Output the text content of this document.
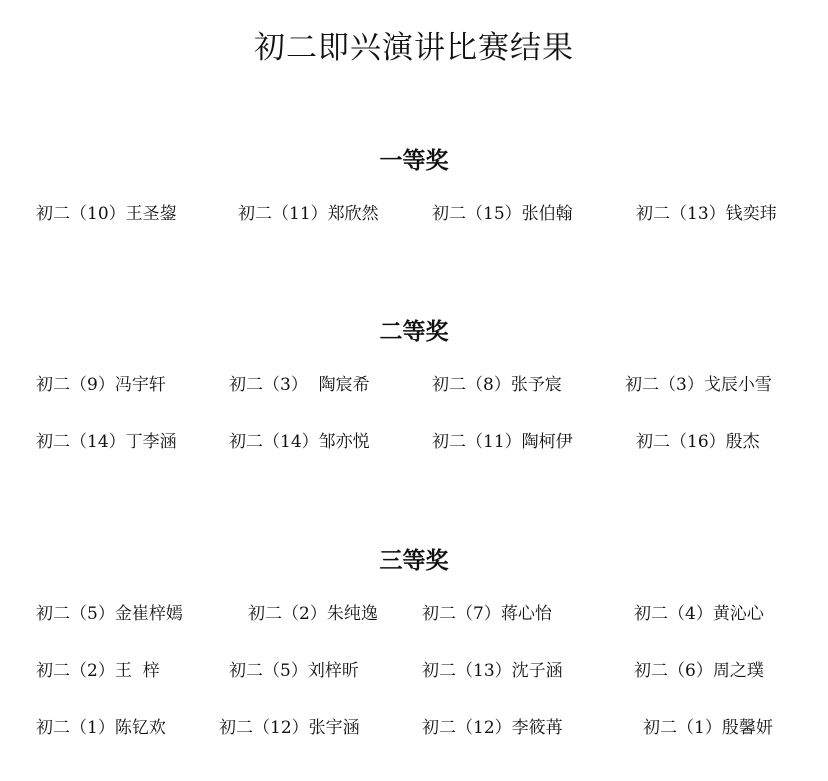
初二即兴演讲比赛结果
一等奖
初二（10）王圣鋆	初二（11）郑欣然	初二（15）张伯翰	初二（13）钱奕玮
二等奖
初二（9）冯宇轩	初二（3）  陶宸希	初二（8）张予宸	初二（3）戈辰小雪
初二（14）丁李涵	初二（14）邹亦悦	初二（11）陶柯伊	初二（16）殷杰
三等奖
初二（5）金崔梓嫣	初二（2）朱纯逸	初二（7）蒋心怡	初二（4）黄沁心
初二（2）王  梓	初二（5）刘梓昕	初二（13）沈子涵	初二（6）周之璞
初二（1）陈钇欢	初二（12）张宇涵	初二（12）李筱苒	初二（1）殷馨妍
